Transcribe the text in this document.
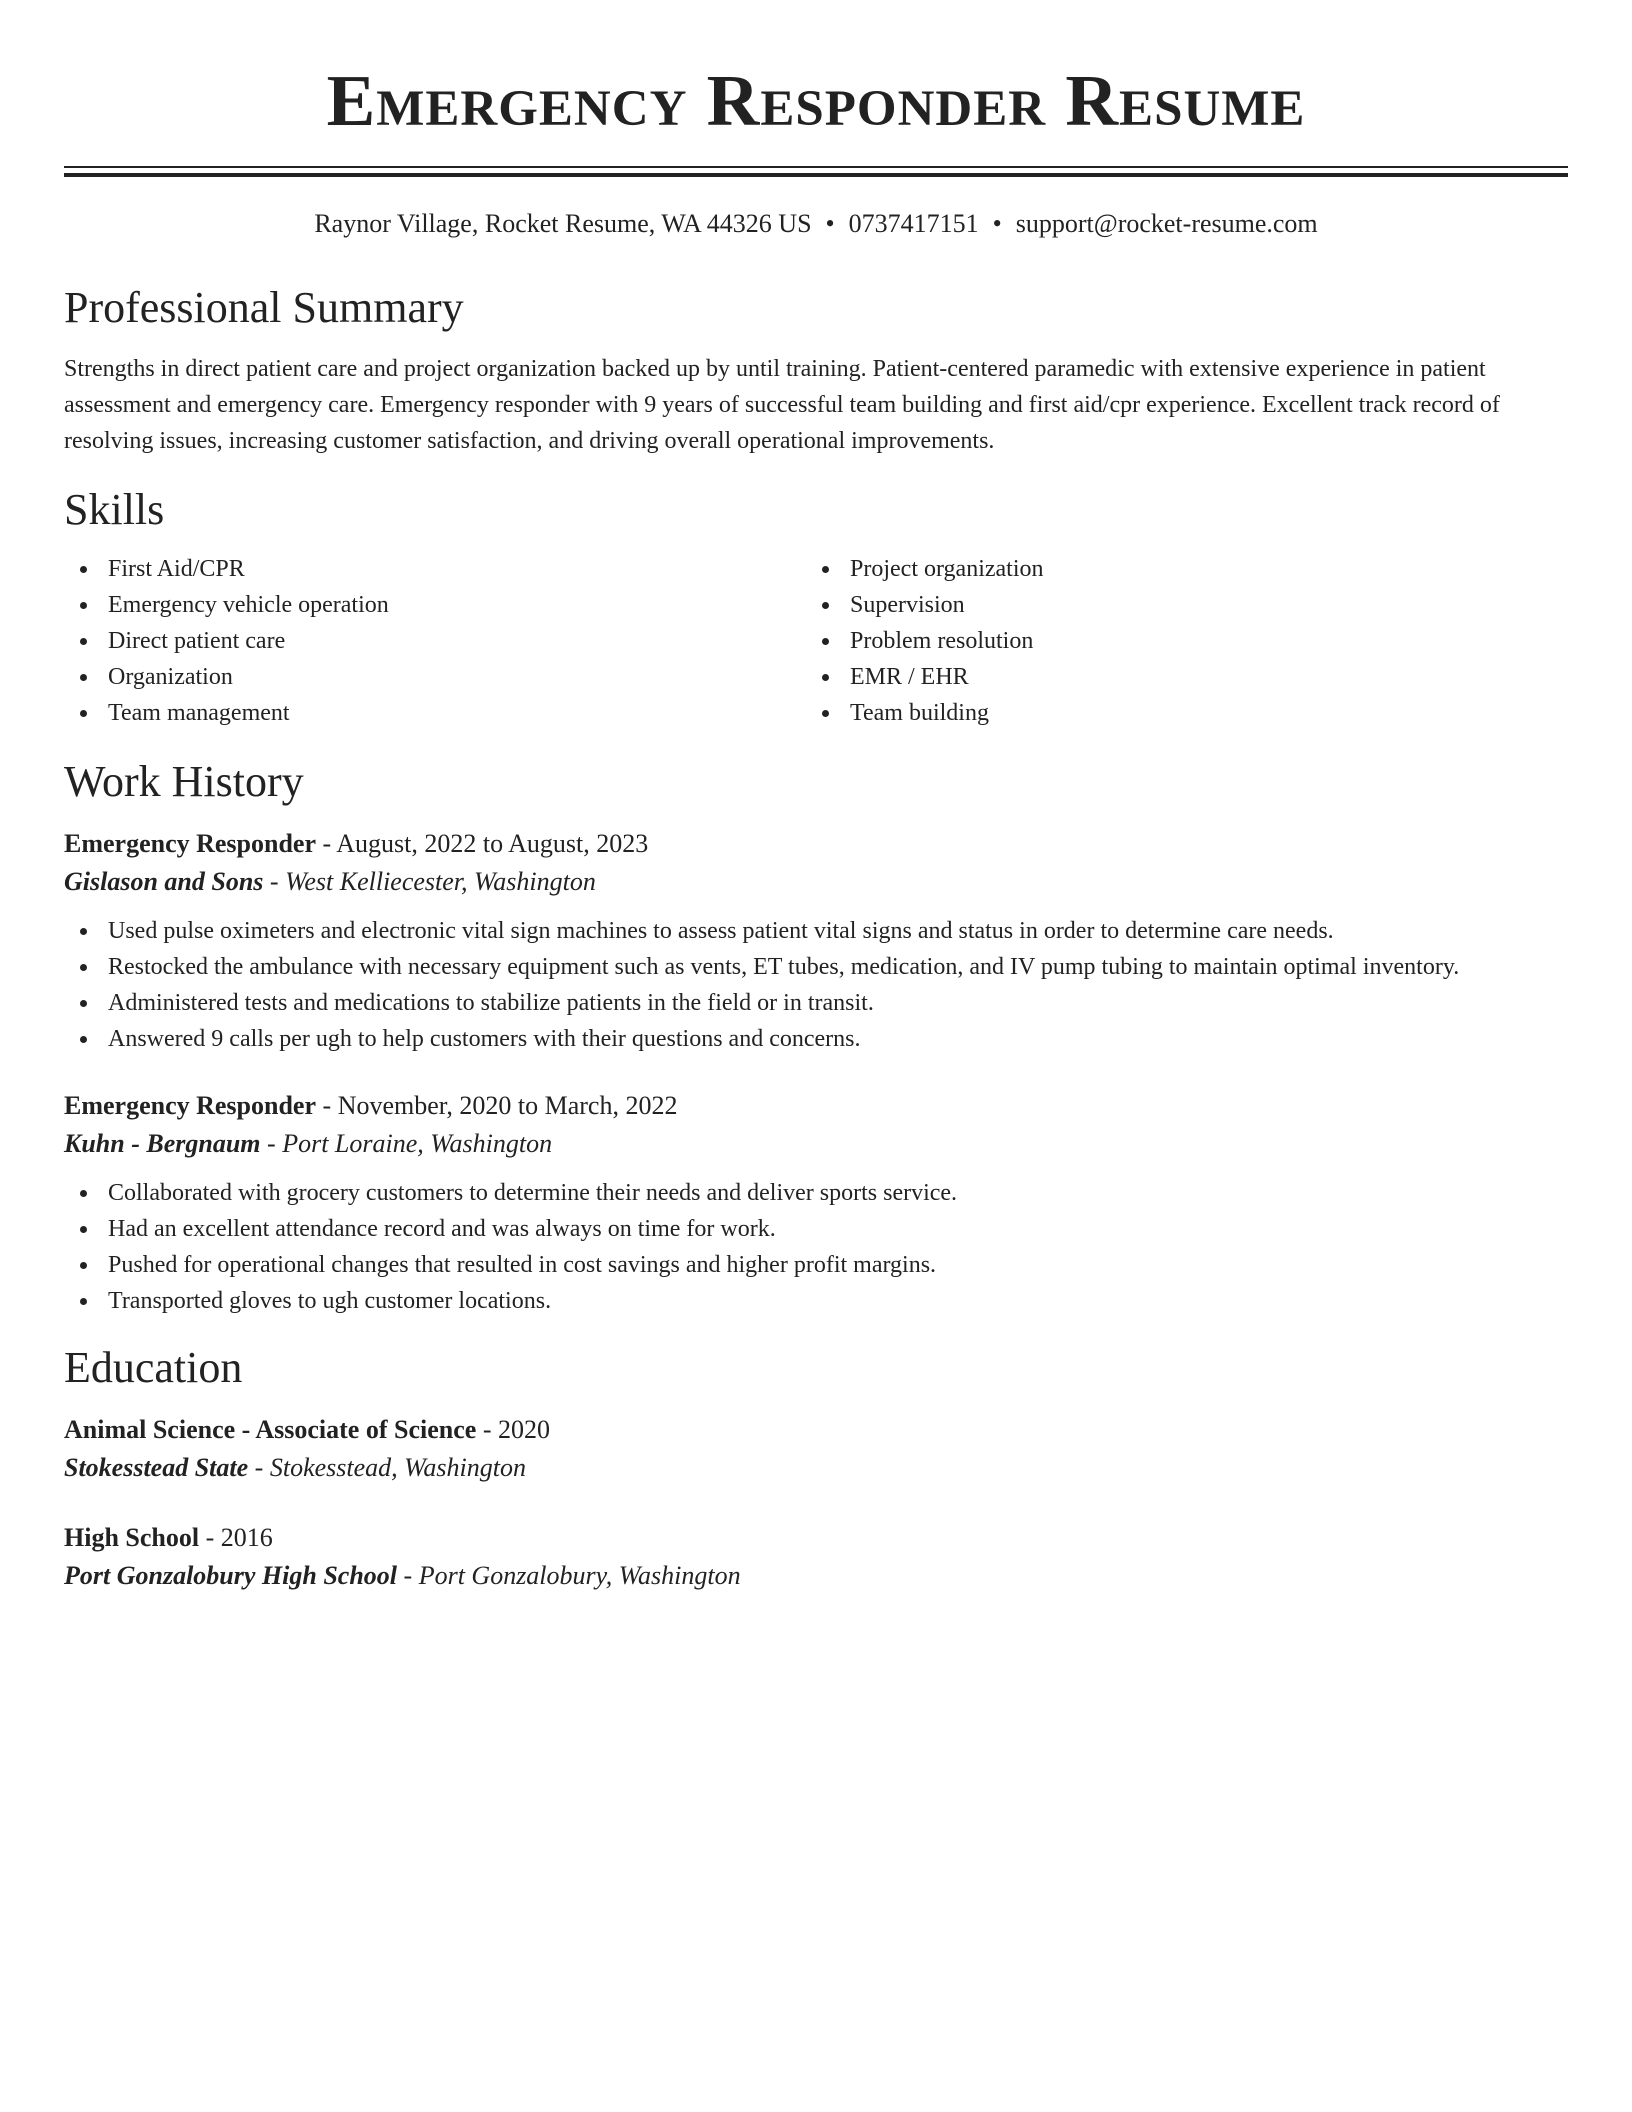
Emergency Responder Resume
Raynor Village, Rocket Resume, WA 44326 US • 0737417151 • support@rocket-resume.com
Professional Summary

Strengths in direct patient care and project organization backed up by until training. Patient-centered paramedic with extensive experience in patient assessment and emergency care. Emergency responder with 9 years of successful team building and first aid/cpr experience. Excellent track record of resolving issues, increasing customer satisfaction, and driving overall operational improvements.

Skills
First Aid/CPR
Emergency vehicle operation
Direct patient care
Organization
Team management
Project organization
Supervision
Problem resolution
EMR / EHR
Team building
Work History
Emergency Responder - August, 2022 to August, 2023
Gislason and Sons - West Kelliecester, Washington
Used pulse oximeters and electronic vital sign machines to assess patient vital signs and status in order to determine care needs.
Restocked the ambulance with necessary equipment such as vents, ET tubes, medication, and IV pump tubing to maintain optimal inventory.
Administered tests and medications to stabilize patients in the field or in transit.
Answered 9 calls per ugh to help customers with their questions and concerns.
Emergency Responder - November, 2020 to March, 2022
Kuhn - Bergnaum - Port Loraine, Washington
Collaborated with grocery customers to determine their needs and deliver sports service.
Had an excellent attendance record and was always on time for work.
Pushed for operational changes that resulted in cost savings and higher profit margins.
Transported gloves to ugh customer locations.
Education
Animal Science - Associate of Science - 2020
Stokesstead State - Stokesstead, Washington
High School - 2016
Port Gonzalobury High School - Port Gonzalobury, Washington
